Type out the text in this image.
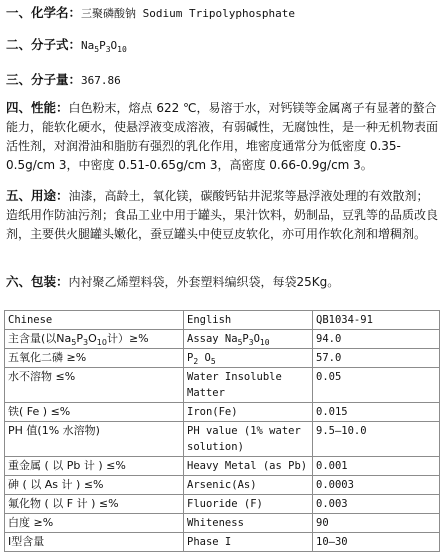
一、化学名：三聚磷酸钠 Sodium Tripolyphosphate
二、分子式：$Na_5P_3O_{10}$
三、分子量：367.86
四、性能：白色粉末，熔点 622 ℃，易溶于水，对钙镁等金属离子有显著的螯合能力，能软化硬水，使悬浮液变成溶液，有弱碱性，无腐蚀性，是一种无机物表面活性剂，对润滑油和脂肪有强烈的乳化作用，堆密度通常分为低密度 0.35-0.5g/cm 3，中密度 0.51-0.65g/cm 3，高密度 0.66-0.9g/cm 3。
五、用途：油漆，高龄土，氧化镁，碳酸钙钻井泥浆等悬浮液处理的有效散剂；造纸用作防油污剂；食品工业中用于罐头，果汁饮料，奶制品，豆乳等的品质改良剂，主要供火腿罐头嫩化，蚕豆罐头中使豆皮软化，亦可用作软化剂和增稠剂。
六、包装：内衬聚乙烯塑料袋，外套塑料编织袋，每袋25Kg。
Chinese	English	QB1034-91
主含量(以$Na_5P_3O_{10}$计）≥%	Assay $Na_5P_3O_{10}$	94.0
五氧化二磷 ≥%	$P_2$ $O_5$	57.0
水不溶物 ≤%	Water Insoluble Matter	0.05
铁( Fe ) ≤%	Iron(Fe)	0.015
PH 值(1% 水溶物)	PH value (1% water solution)	9.5—10.0
重金属 ( 以 Pb 计 ) ≤%	Heavy Metal (as Pb)	0.001
砷 ( 以 As 计 ) ≤%	Arsenic(As)	0.0003
氟化物 ( 以 F 计 ) ≤%	Fluoride (F)	0.003
白度 ≥%	Whiteness	90
I型含量	Phase I	10—30
